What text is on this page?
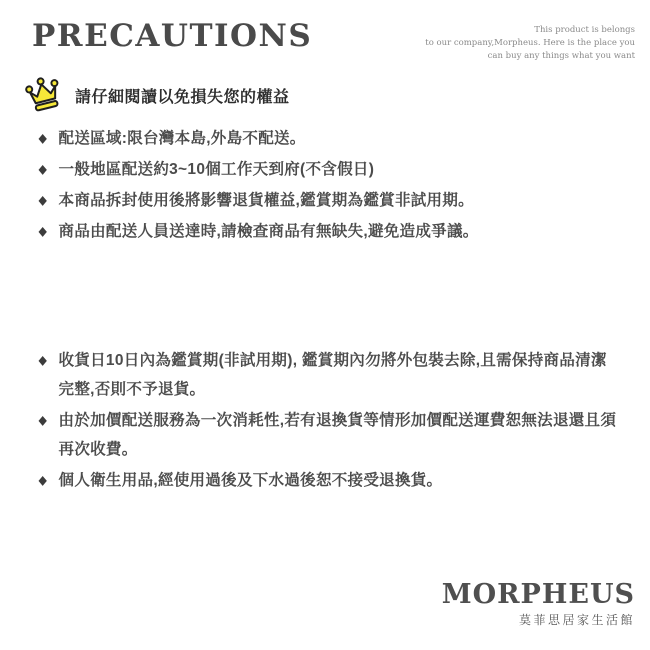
PRECAUTIONS	This product is belongs
to our company,Morpheus. Here is the place you
can buy any things what you want
請仔細閱讀以免損失您的權益
◆ 配送區域:限台灣本島,外島不配送。
◆ 一般地區配送約3~10個工作天到府(不含假日)
◆ 本商品拆封使用後將影響退貨權益,鑑賞期為鑑賞非試用期。
◆ 商品由配送人員送達時,請檢查商品有無缺失,避免造成爭議。
◆ 收貨日10日內為鑑賞期(非試用期), 鑑賞期內勿將外包裝去除,且需保持商品清潔完整,否則不予退貨。
◆ 由於加價配送服務為一次消耗性,若有退換貨等情形加價配送運費恕無法退還且須再次收費。
◆ 個人衛生用品,經使用過後及下水過後恕不接受退換貨。
MORPHEUS
莫菲思居家生活館
